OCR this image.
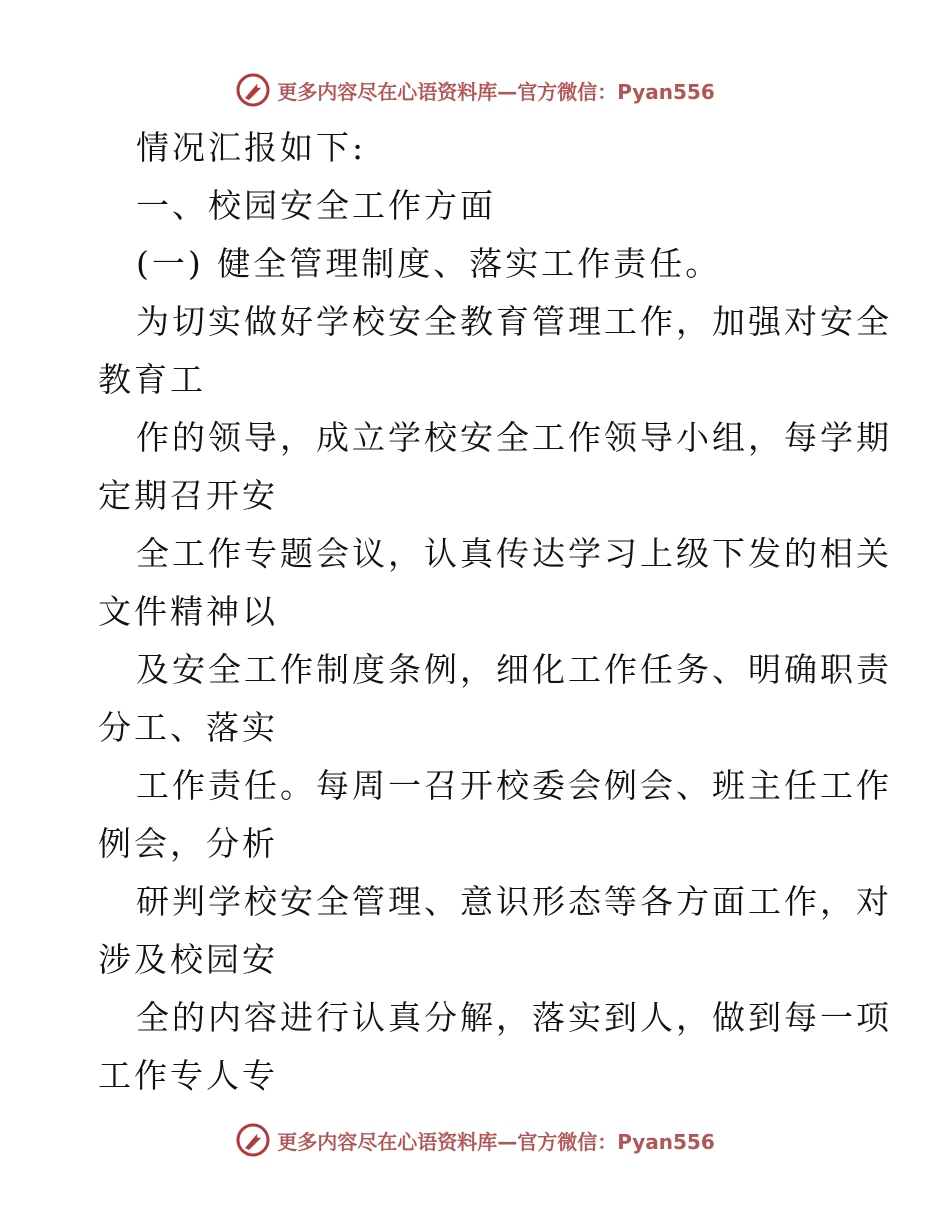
更多内容尽在心语资料库—官方微信：Pyan556
情况汇报如下:
一、校园安全工作方面
(一) 健全管理制度、落实工作责任。
为切实做好学校安全教育管理工作，加强对安全
教育工
作的领导，成立学校安全工作领导小组，每学期
定期召开安
全工作专题会议，认真传达学习上级下发的相关
文件精神以
及安全工作制度条例，细化工作任务、明确职责
分工、落实
工作责任。每周一召开校委会例会、班主任工作
例会，分析
研判学校安全管理、意识形态等各方面工作，对
涉及校园安
全的内容进行认真分解，落实到人，做到每一项
工作专人专
更多内容尽在心语资料库—官方微信：Pyan556
